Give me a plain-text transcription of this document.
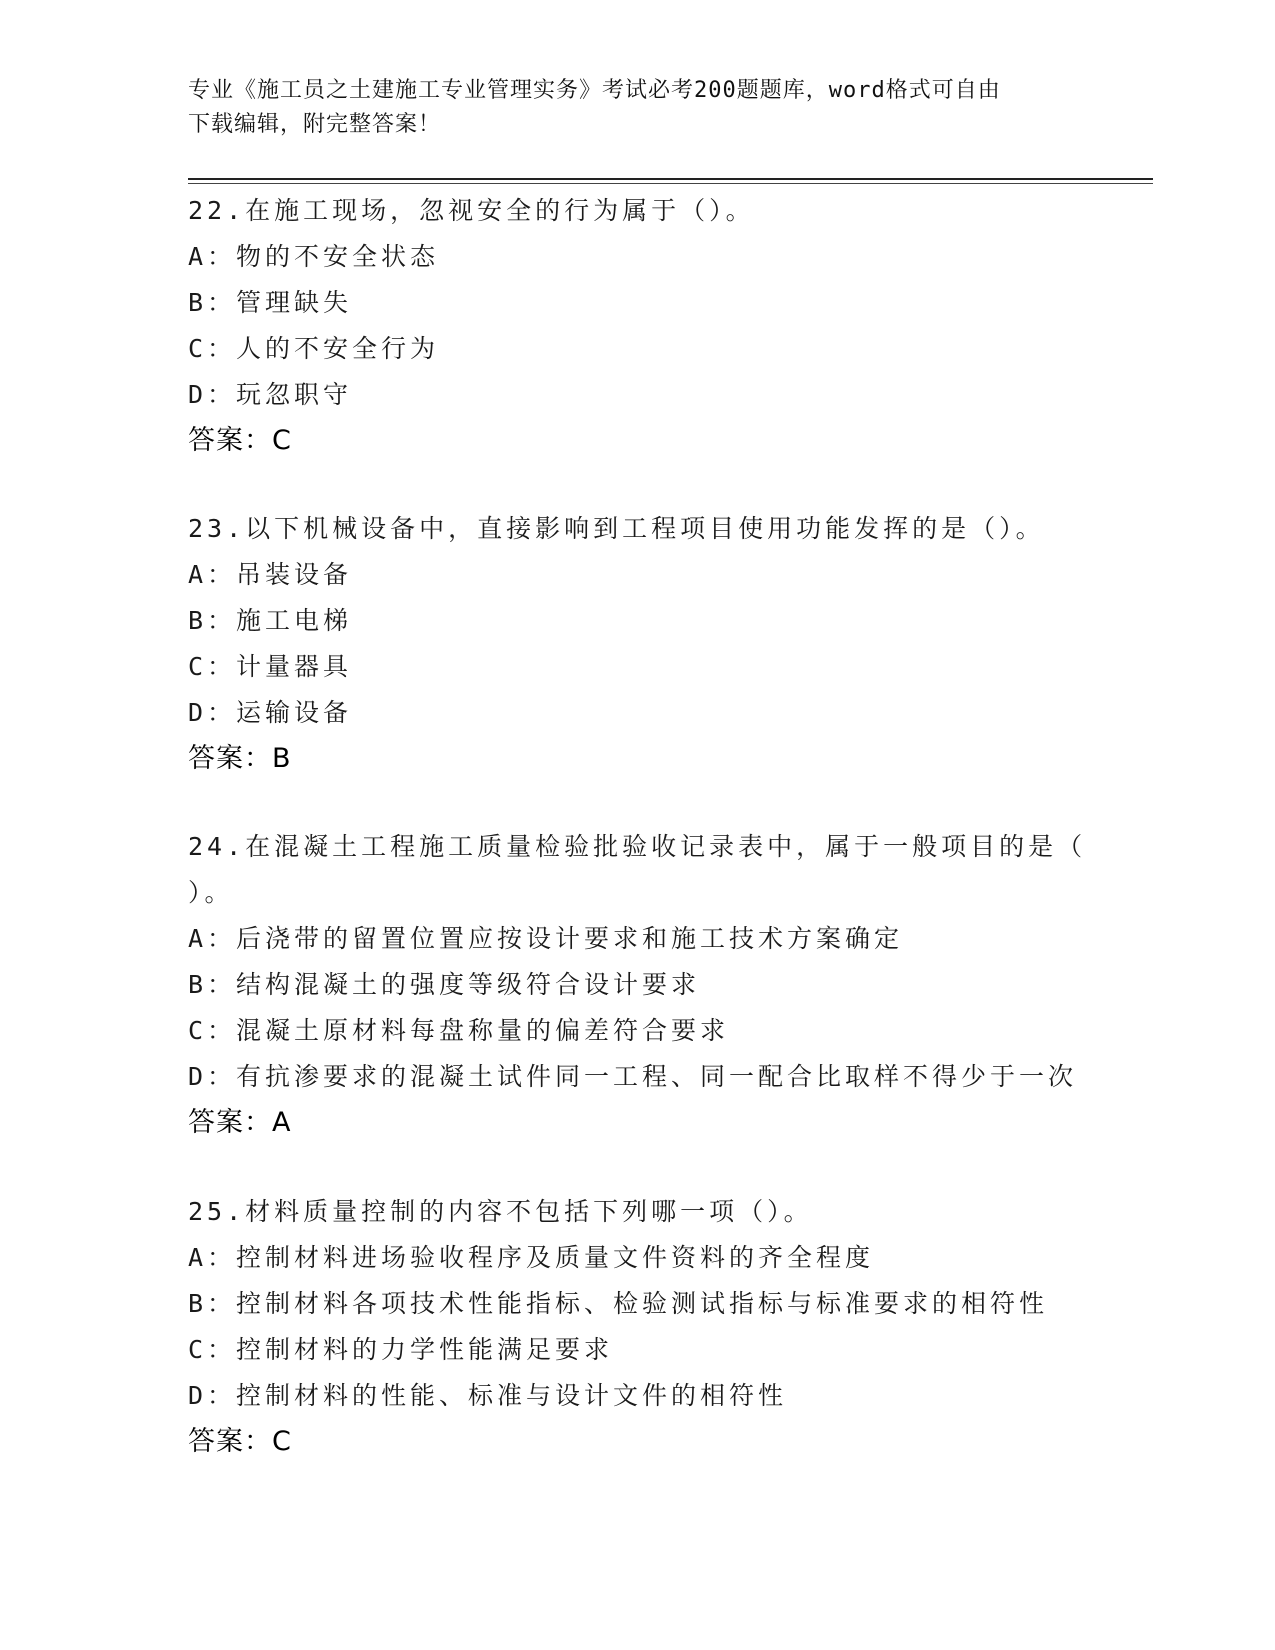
专业《施工员之土建施工专业管理实务》考试必考200题题库，word格式可自由
下载编辑，附完整答案！
22.在施工现场，忽视安全的行为属于（）。
A：物的不安全状态
B：管理缺失
C：人的不安全行为
D：玩忽职守
答案：C
23.以下机械设备中，直接影响到工程项目使用功能发挥的是（）。
A：吊装设备
B：施工电梯
C：计量器具
D：运输设备
答案：B
24.在混凝土工程施工质量检验批验收记录表中，属于一般项目的是（
）。
A：后浇带的留置位置应按设计要求和施工技术方案确定
B：结构混凝土的强度等级符合设计要求
C：混凝土原材料每盘称量的偏差符合要求
D：有抗渗要求的混凝土试件同一工程、同一配合比取样不得少于一次
答案：A
25.材料质量控制的内容不包括下列哪一项（）。
A：控制材料进场验收程序及质量文件资料的齐全程度
B：控制材料各项技术性能指标、检验测试指标与标准要求的相符性
C：控制材料的力学性能满足要求
D：控制材料的性能、标准与设计文件的相符性
答案：C
